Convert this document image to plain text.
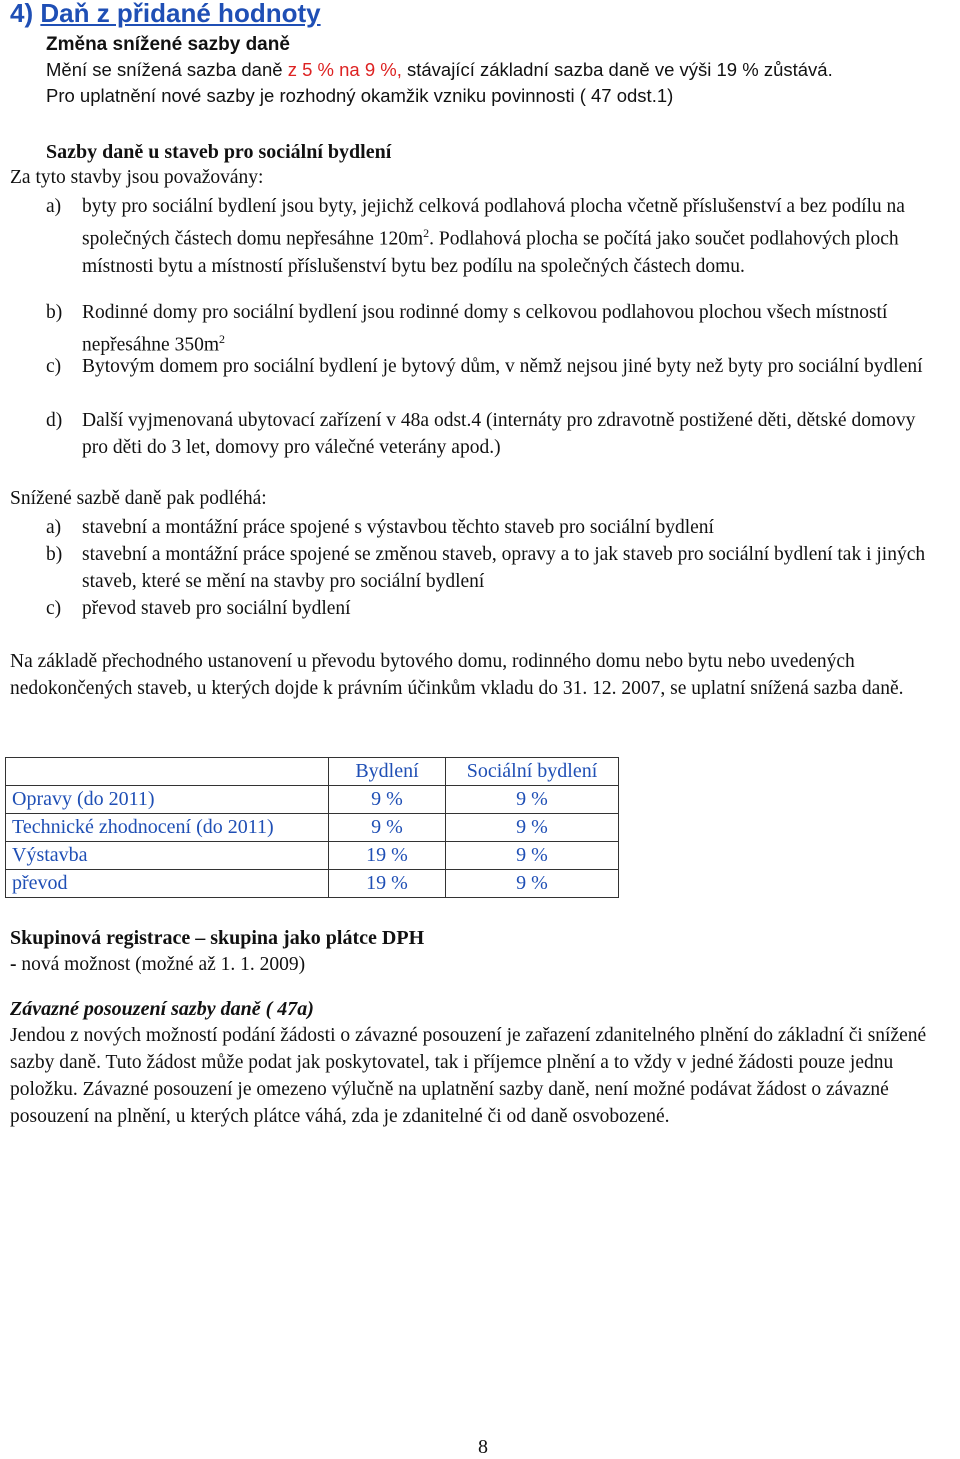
4) Daň z přidané hodnoty
Změna snížené sazby daně
Mění se snížená sazba daně z 5 % na 9 %, stávající základní sazba daně ve výši 19 % zůstává.
Pro uplatnění nové sazby je rozhodný okamžik vzniku povinnosti ( 47 odst.1)
Sazby daně u staveb pro sociální bydlení
Za tyto stavby jsou považovány:
a) byty pro sociální bydlení jsou byty, jejichž celková podlahová plocha včetně příslušenství a bez podílu na společných částech domu nepřesáhne $120m^2$. Podlahová plocha se počítá jako součet podlahových ploch místnosti bytu a místností příslušenství bytu bez podílu na společných částech domu.
b) Rodinné domy pro sociální bydlení jsou rodinné domy s celkovou podlahovou plochou všech místností nepřesáhne $350m^2$
c) Bytovým domem pro sociální bydlení je bytový dům, v němž nejsou jiné byty než byty pro sociální bydlení
d) Další vyjmenovaná ubytovací zařízení v 48a odst.4 (internáty pro zdravotně postižené děti, dětské domovy pro děti do 3 let, domovy pro válečné veterány apod.)
Snížené sazbě daně pak podléhá:
a) stavební a montážní práce spojené s výstavbou těchto staveb pro sociální bydlení
b) stavební a montážní práce spojené se změnou staveb, opravy a to jak staveb pro sociální bydlení tak i jiných staveb, které se mění na stavby pro sociální bydlení
c) převod staveb pro sociální bydlení
Na základě přechodného ustanovení u převodu bytového domu, rodinného domu nebo bytu nebo uvedených nedokončených staveb, u kterých dojde k právním účinkům vkladu do 31. 12. 2007, se uplatní snížená sazba daně.
	Bydlení	Sociální bydlení
Opravy (do 2011)	9 %	9 %
Technické zhodnocení (do 2011)	9 %	9 %
Výstavba	19 %	9 %
převod	19 %	9 %
Skupinová registrace – skupina jako plátce DPH
- nová možnost (možné až 1. 1. 2009)
Závazné posouzení sazby daně ( 47a)
Jendou z nových možností podání žádosti o závazné posouzení je zařazení zdanitelného plnění do základní či snížené sazby daně. Tuto žádost může podat jak poskytovatel, tak i příjemce plnění a to vždy v jedné žádosti pouze jednu položku. Závazné posouzení je omezeno výlučně na uplatnění sazby daně, není možné podávat žádost o závazné posouzení na plnění, u kterých plátce váhá, zda je zdanitelné či od daně osvobozené.
8
